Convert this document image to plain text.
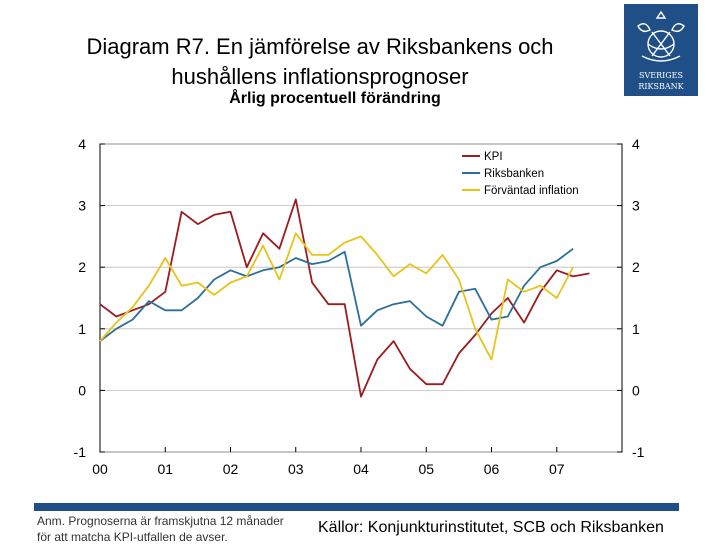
Diagram R7. En jämförelse av Riksbankens och
hushållens inflationsprognoser
Årlig procentuell förändring
SVERIGES
RIKSBANK
-1	-1
0	0
1	1
2	2
3	3
4	4
00	01	02	03	04	05	06	07
KPI
Riksbanken
Förväntad inflation
Anm. Prognoserna är framskjutna 12 månader
för att matcha KPI-utfallen de avser.
Källor: Konjunkturinstitutet, SCB och Riksbanken
